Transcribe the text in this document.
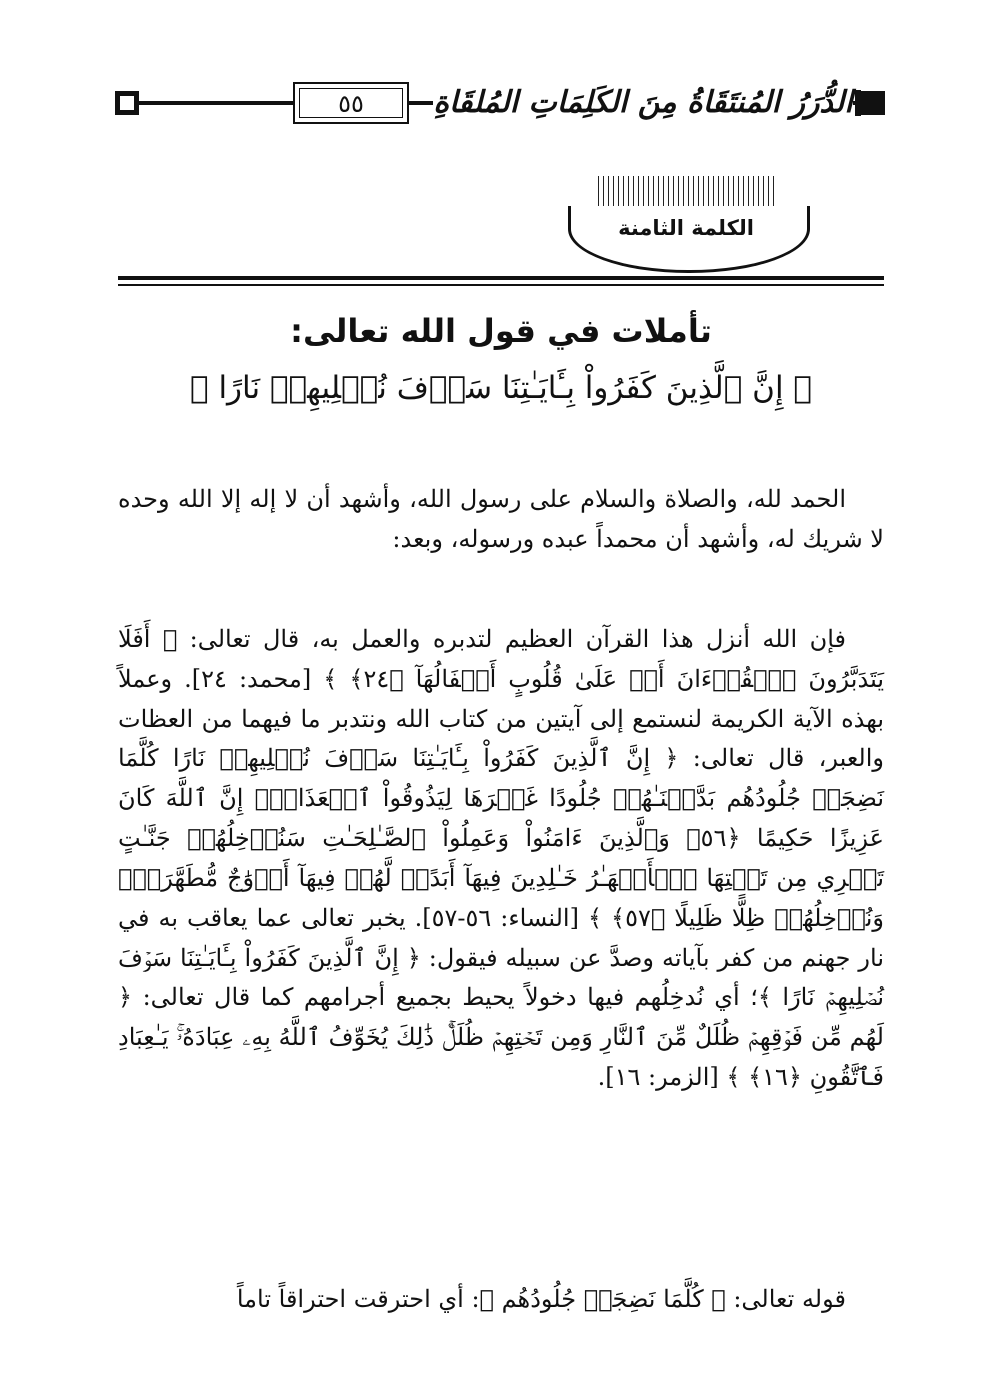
٥٥	الدُّرَرُ المُنتَقَاةُ مِنَ الكَلِمَاتِ المُلقَاةِ
الكلمة الثامنة
تأملات في قول الله تعالى:
﴿ إِنَّ ٱلَّذِينَ كَفَرُواْ بِـَٔايَـٰتِنَا سَوۡفَ نُصۡلِيهِمۡ نَارًا ﴾

الحمد لله، والصلاة والسلام على رسول الله، وأشهد أن لا إله إلا الله وحده لا شريك له، وأشهد أن محمداً عبده ورسوله، وبعد:

فإن الله أنزل هذا القرآن العظيم لتدبره والعمل به، قال تعالى: ﴿ أَفَلَا يَتَدَبَّرُونَ ٱلۡقُرۡءَانَ أَمۡ عَلَىٰ قُلُوبٍ أَقۡفَالُهَآ ﴿٢٤﴾ ﴾ [محمد: ٢٤]. وعملاً بهذه الآية الكريمة لنستمع إلى آيتين من كتاب الله ونتدبر ما فيهما من العظات والعبر، قال تعالى: ﴿ إِنَّ ٱلَّذِينَ كَفَرُواْ بِـَٔايَـٰتِنَا سَوۡفَ نُصۡلِيهِمۡ نَارًا كُلَّمَا نَضِجَتۡ جُلُودُهُم بَدَّلۡنَـٰهُمۡ جُلُودًا غَيۡرَهَا لِيَذُوقُواْ ٱلۡعَذَابَۗ إِنَّ ٱللَّهَ كَانَ عَزِيزًا حَكِيمًا ﴿٥٦﴾ وَٱلَّذِينَ ءَامَنُواْ وَعَمِلُواْ ٱلصَّـٰلِحَـٰتِ سَنُدۡخِلُهُمۡ جَنَّـٰتٍ تَجۡرِي مِن تَحۡتِهَا ٱلۡأَنۡهَـٰرُ خَـٰلِدِينَ فِيهَآ أَبَدًاۖ لَّهُمۡ فِيهَآ أَزۡوَٰجٌ مُّطَهَّرَةٌۖ وَنُدۡخِلُهُمۡ ظِلًّا ظَلِيلًا ﴿٥٧﴾ ﴾ [النساء: ٥٦-٥٧]. يخبر تعالى عما يعاقب به في نار جهنم من كفر بآياته وصدَّ عن سبيله فيقول: ﴿ إِنَّ ٱلَّذِينَ كَفَرُواْ بِـَٔايَـٰتِنَا سَوۡفَ نُصۡلِيهِمۡ نَارًا ﴾؛ أي نُدخِلُهم فيها دخولاً يحيط بجميع أجرامهم كما قال تعالى: ﴿ لَهُم مِّن فَوۡقِهِمۡ ظُلَلٌ مِّنَ ٱلنَّارِ وَمِن تَحۡتِهِمۡ ظُلَلٌۚ ذَٰلِكَ يُخَوِّفُ ٱللَّهُ بِهِۦ عِبَادَهُۥۚ يَـٰعِبَادِ فَٱتَّقُونِ ﴿١٦﴾ ﴾ [الزمر: ١٦].

قوله تعالى: ﴿ كُلَّمَا نَضِجَتۡ جُلُودُهُم ﴾: أي احترقت احتراقاً تاماً
